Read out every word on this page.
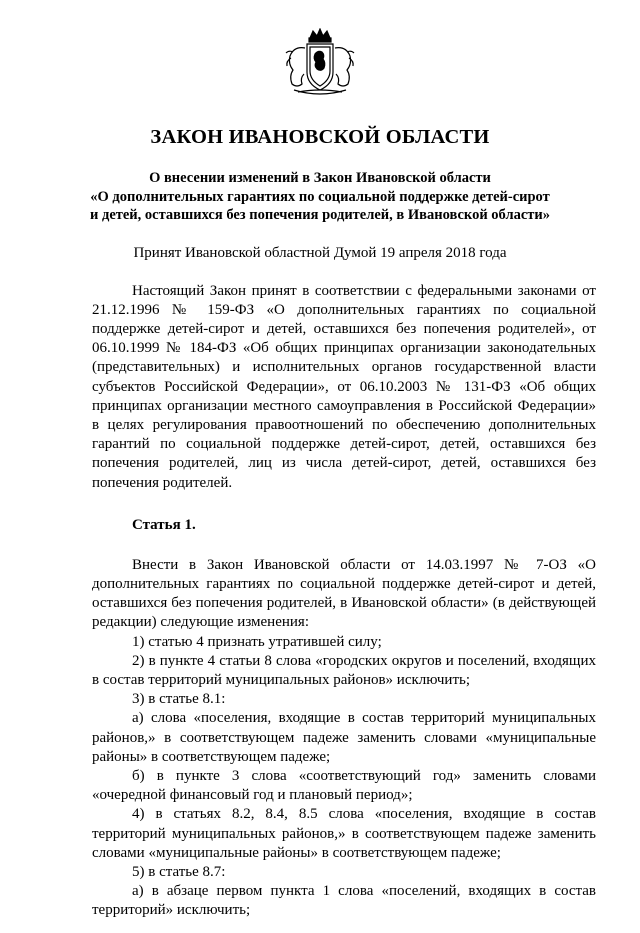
ЗАКОН ИВАНОВСКОЙ ОБЛАСТИ
О внесении изменений в Закон Ивановской области
«О дополнительных гарантиях по социальной поддержке детей-сирот
и детей, оставшихся без попечения родителей, в Ивановской области»
Принят Ивановской областной Думой 19 апреля 2018 года

Настоящий Закон принят в соответствии с федеральными законами от 21.12.1996 № 159-ФЗ «О дополнительных гарантиях по социальной поддержке детей-сирот и детей, оставшихся без попечения родителей», от 06.10.1999 № 184-ФЗ «Об общих принципах организации законодательных (представительных) и исполнительных органов государственной власти субъектов Российской Федерации», от 06.10.2003 № 131-ФЗ «Об общих принципах организации местного самоуправления в Российской Федерации» в целях регулирования правоотношений по обеспечению дополнительных гарантий по социальной поддержке детей-сирот, детей, оставшихся без попечения родителей, лиц из числа детей-сирот, детей, оставшихся без попечения родителей.

Статья 1.

Внести в Закон Ивановской области от 14.03.1997 № 7-ОЗ «О дополнительных гарантиях по социальной поддержке детей-сирот и детей, оставшихся без попечения родителей, в Ивановской области» (в действующей редакции) следующие изменения:

1) статью 4 признать утратившей силу;

2) в пункте 4 статьи 8 слова «городских округов и поселений, входящих в состав территорий муниципальных районов» исключить;

3) в статье 8.1:

а) слова «поселения, входящие в состав территорий муниципальных районов,» в соответствующем падеже заменить словами «муниципальные районы» в соответствующем падеже;

б) в пункте 3 слова «соответствующий год» заменить словами «очередной финансовый год и плановый период»;

4) в статьях 8.2, 8.4, 8.5 слова «поселения, входящие в состав территорий муниципальных районов,» в соответствующем падеже заменить словами «муниципальные районы» в соответствующем падеже;

5) в статье 8.7:

а) в абзаце первом пункта 1 слова «поселений, входящих в состав территорий» исключить;
